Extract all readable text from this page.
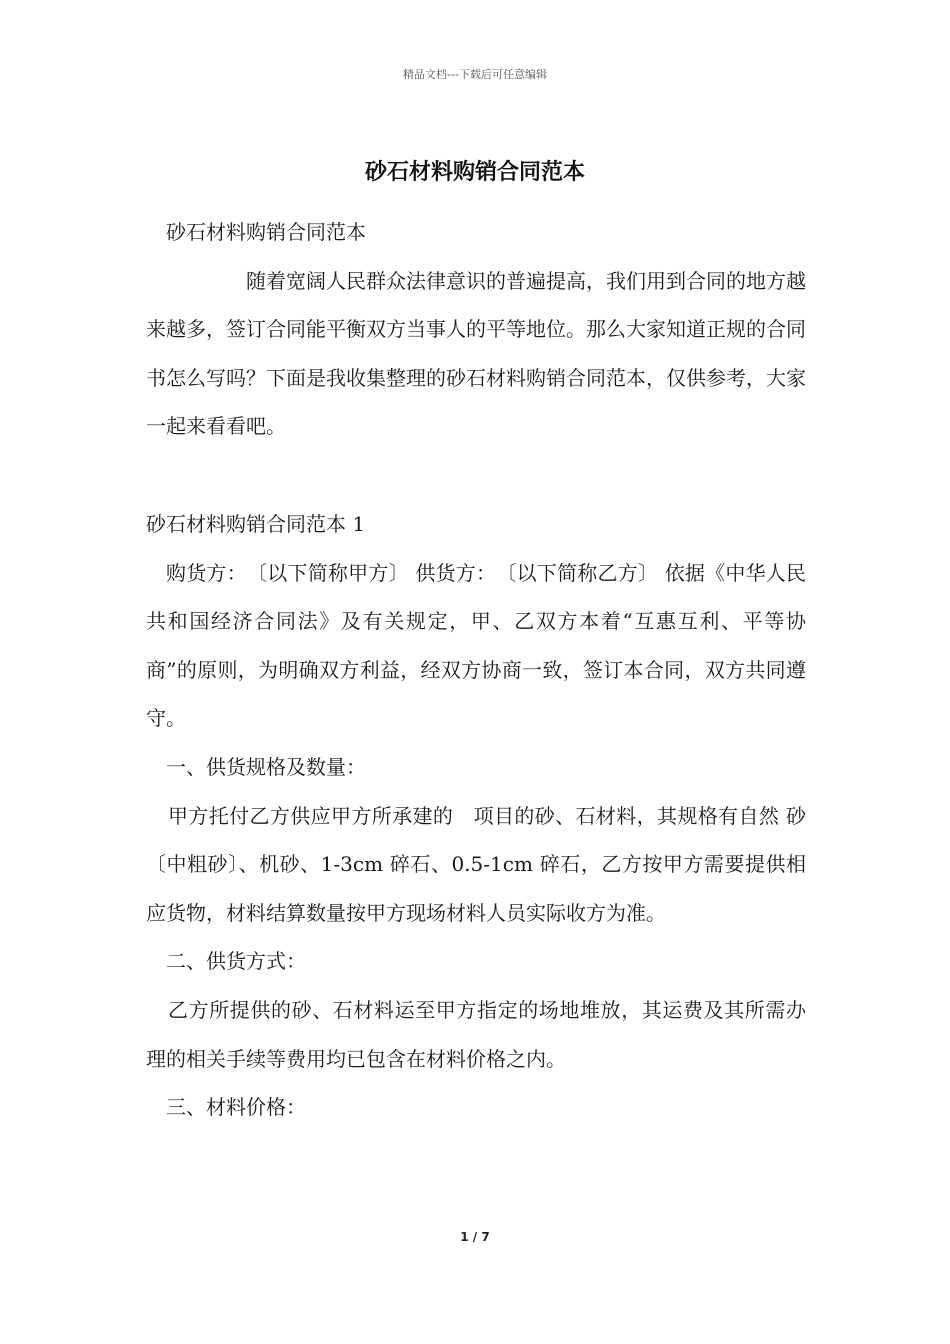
精品文档---下载后可任意编辑
砂石材料购销合同范本

砂石材料购销合同范本

随着宽阔人民群众法律意识的普遍提高，我们用到合同的地方越来越多，签订合同能平衡双方当事人的平等地位。那么大家知道正规的合同书怎么写吗？下面是我收集整理的砂石材料购销合同范本，仅供参考，大家一起来看看吧。

砂石材料购销合同范本 1

购货方：　〔以下简称甲方〕 供货方：　〔以下简称乙方〕 依据《中华人民共和国经济合同法》及有关规定，甲、乙双方本着“互惠互利、平等协商”的原则，为明确双方利益，经双方协商一致，签订本合同，双方共同遵守。

一、供货规格及数量：

甲方托付乙方供应甲方所承建的　项目的砂、石材料，其规格有自然 砂〔中粗砂〕、机砂、1-3cm 碎石、0.5-1cm 碎石，乙方按甲方需要提供相应货物，材料结算数量按甲方现场材料人员实际收方为准。

二、供货方式：

乙方所提供的砂、石材料运至甲方指定的场地堆放，其运费及其所需办理的相关手续等费用均已包含在材料价格之内。

三、材料价格：

1 / 7
